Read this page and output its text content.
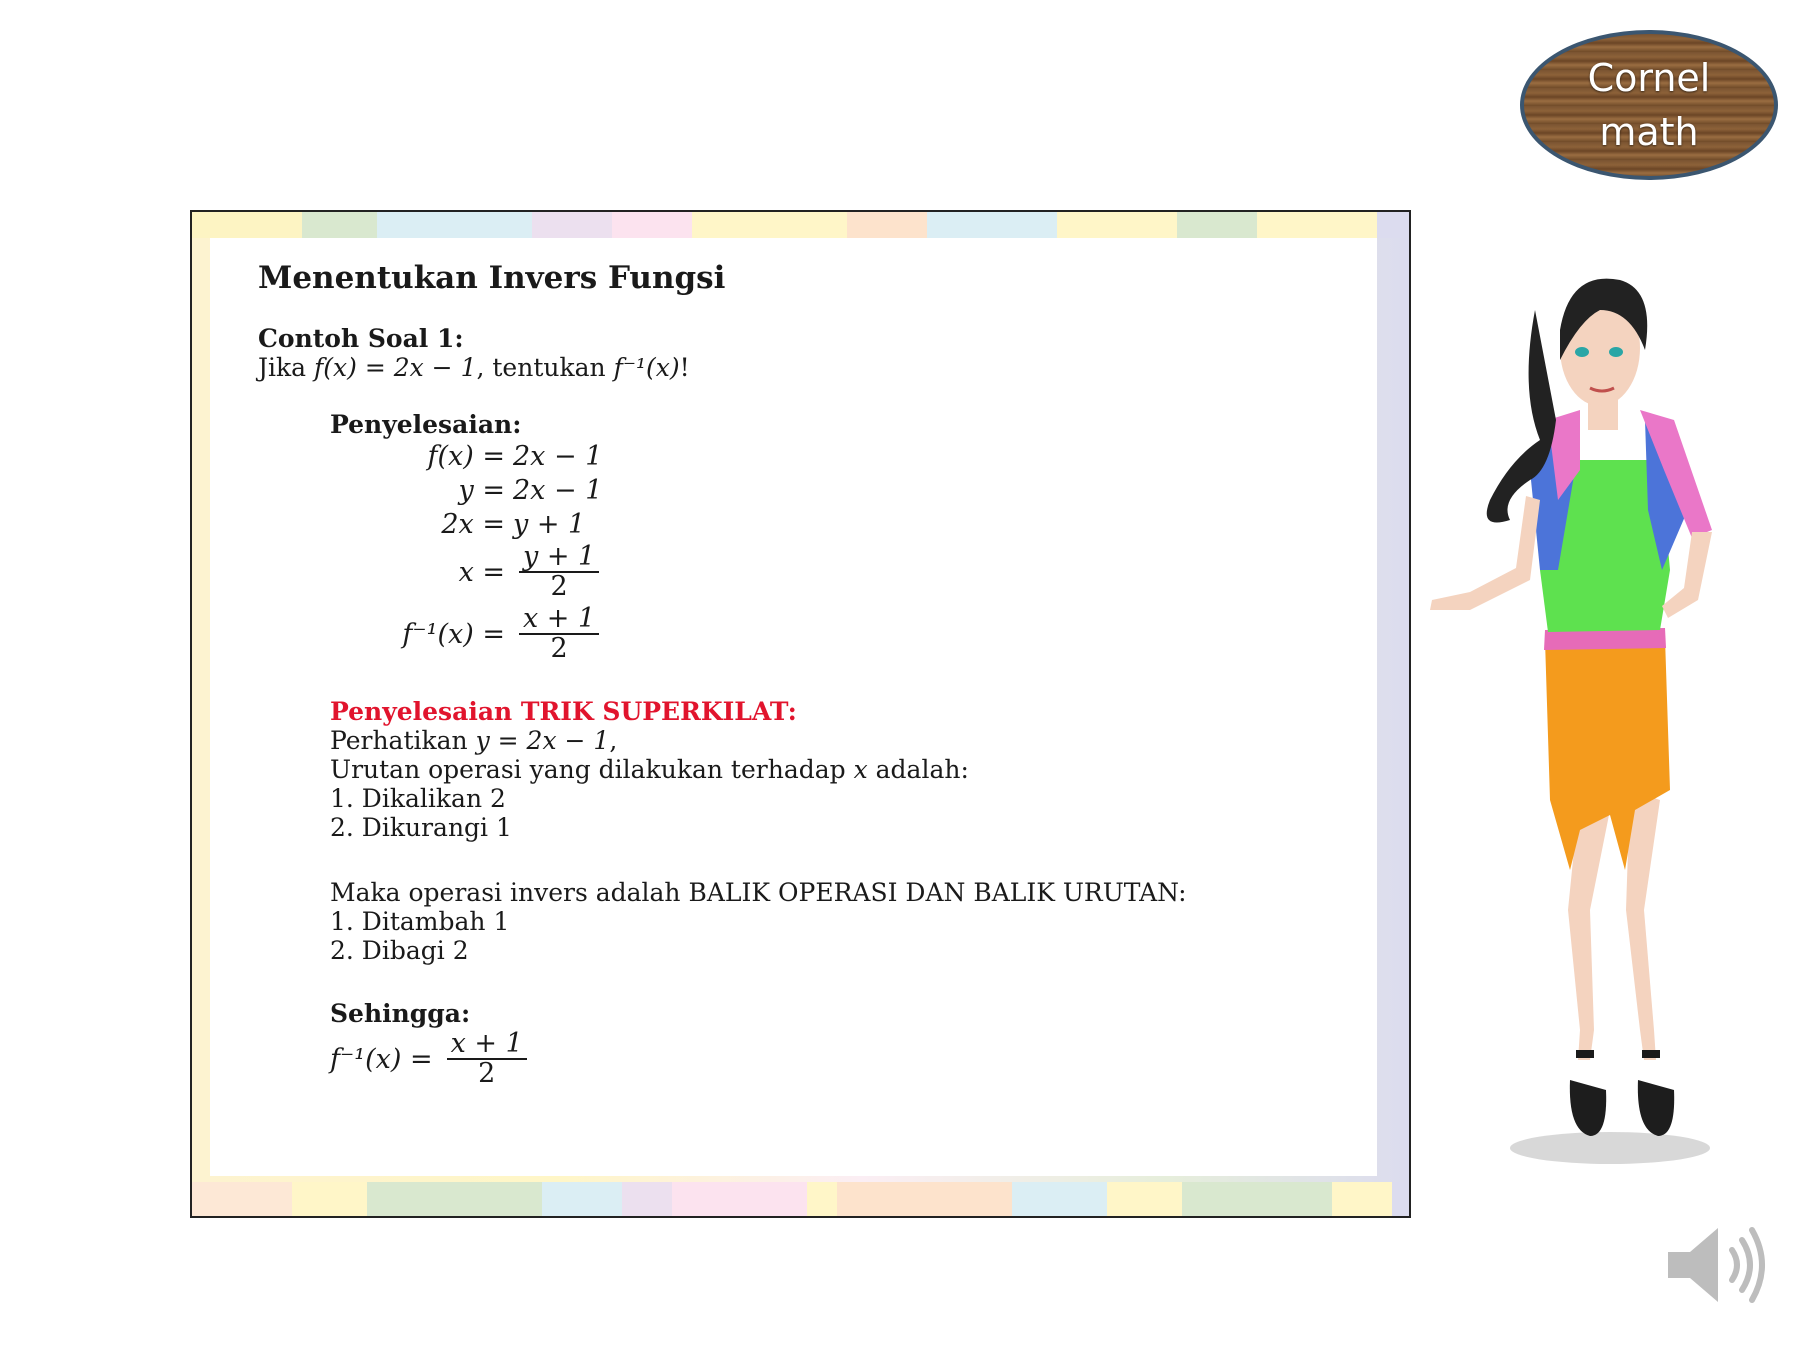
Cornel
math

Menentukan Invers Fungsi

Contoh Soal 1:
Jika f(x) = 2x − 1, tentukan f⁻¹(x)!
Penyelesaian:
f(x) = 2x − 1
y = 2x − 1
2x = y + 1
$x = \frac{y + 1}{2}$
$f^{-1}(x) = \frac{x + 1}{2}$
Penyelesaian TRIK SUPERKILAT:
Perhatikan y = 2x − 1,
Urutan operasi yang dilakukan terhadap x adalah:
1. Dikalikan 2
2. Dikurangi 1
Maka operasi invers adalah BALIK OPERASI DAN BALIK URUTAN:
1. Ditambah 1
2. Dibagi 2
Sehingga:
$f^{-1}(x) = \frac{x + 1}{2}$
